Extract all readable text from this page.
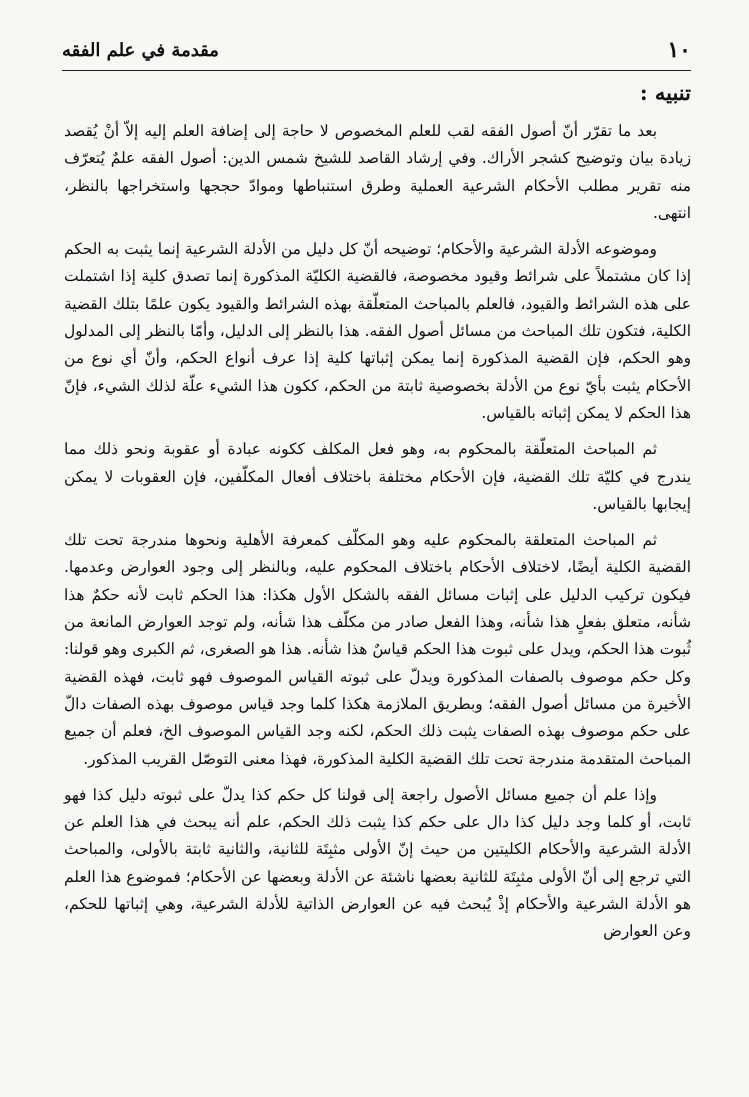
١٠
مقدمة في علم الفقه
تنبيه :

بعد ما تقرّر أنّ أصول الفقه لقب للعلم المخصوص لا حاجة إلى إضافة العلم إليه إلاّ أنْ يُقصد زيادة بيان وتوضيح كشجر الأراك. وفي إرشاد القاصد للشيخ شمس الدين: أصول الفقه علمٌ يُتعرّف منه تقرير مطلب الأحكام الشرعية العملية وطرق استنباطها وموادّ حججها واستخراجها بالنظر، انتهى.

وموضوعه الأدلة الشرعية والأحكام؛ توضيحه أنّ كل دليل من الأدلة الشرعية إنما يثبت به الحكم إذا كان مشتملاً على شرائط وقيود مخصوصة، فالقضية الكليّة المذكورة إنما تصدق كلية إذا اشتملت على هذه الشرائط والقيود، فالعلم بالمباحث المتعلّقة بهذه الشرائط والقيود يكون علمًا بتلك القضية الكلية، فتكون تلك المباحث من مسائل أصول الفقه. هذا بالنظر إلى الدليل، وأمّا بالنظر إلى المدلول وهو الحكم، فإن القضية المذكورة إنما يمكن إثباتها كلية إذا عرف أنواع الحكم، وأنّ أي نوع من الأحكام يثبت بأيّ نوع من الأدلة بخصوصية ثابتة من الحكم، ككون هذا الشيء علّة لذلك الشيء، فإنّ هذا الحكم لا يمكن إثباته بالقياس.

ثم المباحث المتعلّقة بالمحكوم به، وهو فعل المكلف ككونه عبادة أو عقوبة ونحو ذلك مما يندرج في كليّة تلك القضية، فإن الأحكام مختلفة باختلاف أفعال المكلّفين، فإن العقوبات لا يمكن إيجابها بالقياس.

ثم المباحث المتعلقة بالمحكوم عليه وهو المكلّف كمعرفة الأهلية ونحوها مندرجة تحت تلك القضية الكلية أيضًا، لاختلاف الأحكام باختلاف المحكوم عليه، وبالنظر إلى وجود العوارض وعدمها. فيكون تركيب الدليل على إثبات مسائل الفقه بالشكل الأول هكذا: هذا الحكم ثابت لأنه حكمٌ هذا شأنه، متعلق بفعلٍ هذا شأنه، وهذا الفعل صادر من مكلّف هذا شأنه، ولم توجد العوارض المانعة من ثُبوت هذا الحكم، ويدل على ثبوت هذا الحكم قياسٌ هذا شأنه. هذا هو الصغرى، ثم الكبرى وهو قولنا: وكل حكم موصوف بالصفات المذكورة ويدلّ على ثبوته القياس الموصوف فهو ثابت، فهذه القضية الأخيرة من مسائل أصول الفقه؛ وبطريق الملازمة هكذا كلما وجد قياس موصوف بهذه الصفات دالّ على حكم موصوف بهذه الصفات يثبت ذلك الحكم، لكنه وجد القياس الموصوف الخ، فعلم أن جميع المباحث المتقدمة مندرجة تحت تلك القضية الكلية المذكورة، فهذا معنى التوصّل القريب المذكور.

وإذا علم أن جميع مسائل الأصول راجعة إلى قولنا كل حكم كذا يدلّ على ثبوته دليل كذا فهو ثابت، أو كلما وجد دليل كذا دال على حكم كذا يثبت ذلك الحكم، علم أنه يبحث في هذا العلم عن الأدلة الشرعية والأحكام الكليتين من حيث إنّ الأولى مثبِتَة للثانية، والثانية ثابتة بالأولى، والمباحث التي ترجع إلى أنّ الأولى مثبِتَة للثانية بعضها ناشئة عن الأدلة وبعضها عن الأحكام؛ فموضوع هذا العلم هو الأدلة الشرعية والأحكام إذْ يُبحث فيه عن العوارض الذاتية للأدلة الشرعية، وهي إثباتها للحكم، وعن العوارض
